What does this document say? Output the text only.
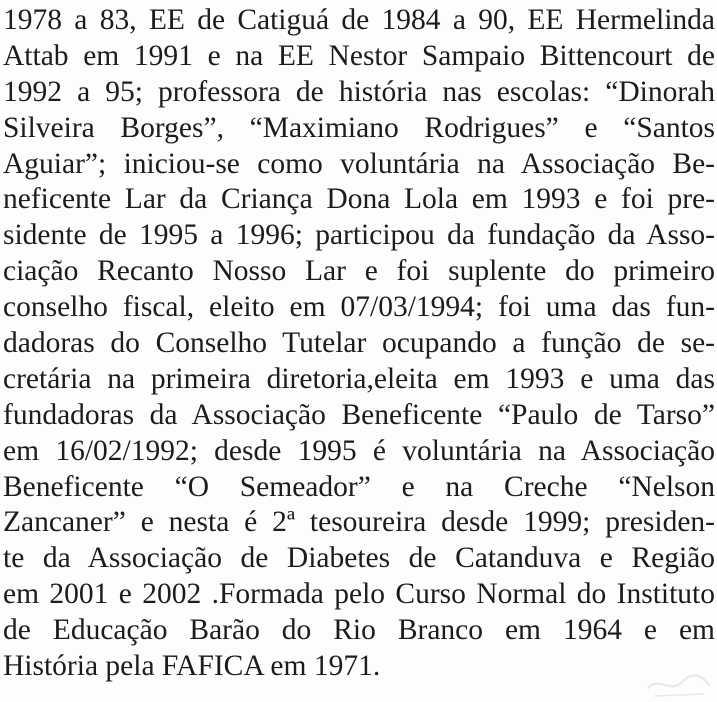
1978 a 83, EE de Catiguá de 1984 a 90, EE Hermelinda
Attab em 1991 e na EE Nestor Sampaio Bittencourt de
1992 a 95; professora de história nas escolas: “Dinorah
Silveira Borges”, “Maximiano Rodrigues” e “Santos
Aguiar”; iniciou-se como voluntária na Associação Be-
neficente Lar da Criança Dona Lola em 1993 e foi pre-
sidente de 1995 a 1996; participou da fundação da Asso-
ciação Recanto Nosso Lar e foi suplente do primeiro
conselho fiscal, eleito em 07/03/1994; foi uma das fun-
dadoras do Conselho Tutelar ocupando a função de se-
cretária na primeira diretoria,eleita em 1993 e uma das
fundadoras da Associação Beneficente “Paulo de Tarso”
em 16/02/1992; desde 1995 é voluntária na Associação
Beneficente “O Semeador” e na Creche “Nelson
Zancaner” e nesta é 2ª tesoureira desde 1999; presiden-
te da Associação de Diabetes de Catanduva e Região
em 2001 e 2002 .Formada pelo Curso Normal do Instituto
de Educação Barão do Rio Branco em 1964 e em
História pela FAFICA em 1971.
